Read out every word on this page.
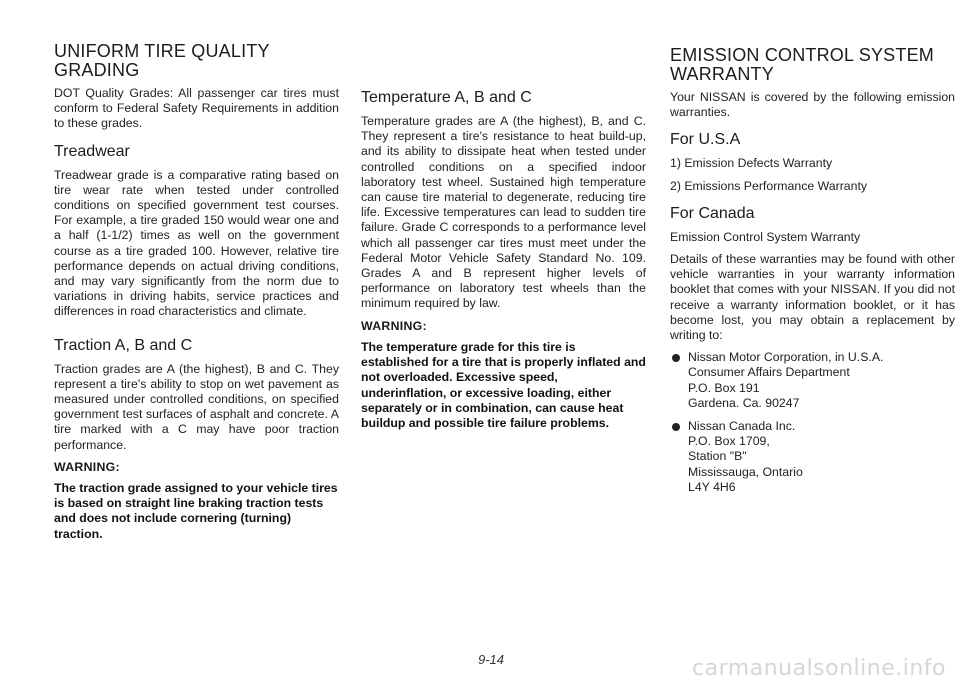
UNIFORM TIRE QUALITY GRADING

DOT Quality Grades: All passenger car tires must conform to Federal Safety Requirements in addition to these grades.

Treadwear

Treadwear grade is a comparative rating based on tire wear rate when tested under controlled conditions on specified government test courses. For example, a tire graded 150 would wear one and a half (1-1/2) times as well on the government course as a tire graded 100. However, relative tire performance depends on actual driving conditions, and may vary significantly from the norm due to variations in driving habits, service practices and differences in road characteristics and climate.

Traction A, B and C

Traction grades are A (the highest), B and C. They represent a tire's ability to stop on wet pavement as measured under controlled conditions, on specified government test surfaces of asphalt and concrete. A tire marked with a C may have poor traction performance.

WARNING:

The traction grade assigned to your vehicle tires is based on straight line braking traction tests and does not include cornering (turning) traction.

Temperature A, B and C

Temperature grades are A (the highest), B, and C. They represent a tire's resistance to heat build-up, and its ability to dissipate heat when tested under controlled conditions on a specified indoor laboratory test wheel. Sustained high temperature can cause tire material to degenerate, reducing tire life. Excessive temperatures can lead to sudden tire failure. Grade C corresponds to a performance level which all passenger car tires must meet under the Federal Motor Vehicle Safety Standard No. 109. Grades A and B represent higher levels of performance on laboratory test wheels than the minimum required by law.

WARNING:

The temperature grade for this tire is established for a tire that is properly inflated and not overloaded. Excessive speed, underinflation, or excessive loading, either separately or in combination, can cause heat buildup and possible tire failure problems.

EMISSION CONTROL SYSTEM WARRANTY

Your NISSAN is covered by the following emission warranties.

For U.S.A

1) Emission Defects Warranty

2) Emissions Performance Warranty

For Canada

Emission Control System Warranty

Details of these warranties may be found with other vehicle warranties in your warranty information booklet that comes with your NISSAN. If you did not receive a warranty information booklet, or it has become lost, you may obtain a replacement by writing to:

Nissan Motor Corporation, in U.S.A.
Consumer Affairs Department
P.O. Box 191
Gardena. Ca. 90247
Nissan Canada Inc.
P.O. Box 1709,
Station "B"
Mississauga, Ontario
L4Y 4H6
9-14	carmanualsonline.info
